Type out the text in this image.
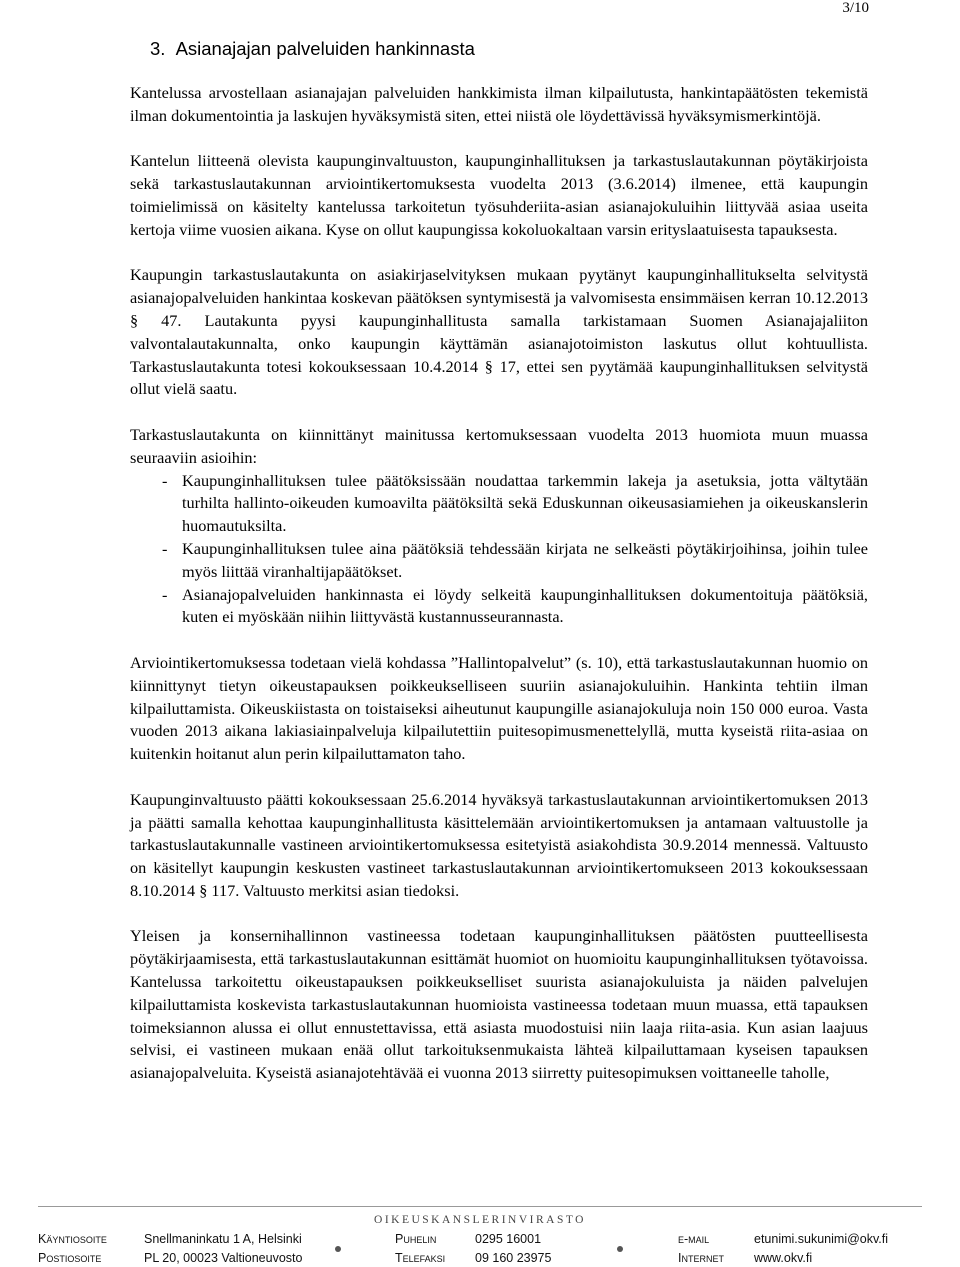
3/10
3. Asianajajan palveluiden hankinnasta

Kantelussa arvostellaan asianajajan palveluiden hankkimista ilman kilpailutusta, hankintapäätösten tekemistä ilman dokumentointia ja laskujen hyväksymistä siten, ettei niistä ole löydettävissä hyväksymismerkintöjä.

Kantelun liitteenä olevista kaupunginvaltuuston, kaupunginhallituksen ja tarkastuslautakunnan pöytäkirjoista sekä tarkastuslautakunnan arviointikertomuksesta vuodelta 2013 (3.6.2014) ilmenee, että kaupungin toimielimissä on käsitelty kantelussa tarkoitetun työsuhderiita-asian asianajokuluihin liittyvää asiaa useita kertoja viime vuosien aikana. Kyse on ollut kaupungissa kokoluokaltaan varsin erityslaatuisesta tapauksesta.

Kaupungin tarkastuslautakunta on asiakirjaselvityksen mukaan pyytänyt kaupunginhallitukselta selvitystä asianajopalveluiden hankintaa koskevan päätöksen syntymisestä ja valvomisesta ensimmäisen kerran 10.12.2013 § 47. Lautakunta pyysi kaupunginhallitusta samalla tarkistamaan Suomen Asianajajaliiton valvontalautakunnalta, onko kaupungin käyttämän asianajotoimiston laskutus ollut kohtuullista. Tarkastuslautakunta totesi kokouksessaan 10.4.2014 § 17, ettei sen pyytämää kaupunginhallituksen selvitystä ollut vielä saatu.

Tarkastuslautakunta on kiinnittänyt mainitussa kertomuksessaan vuodelta 2013 huomiota muun muassa seuraaviin asioihin:

- Kaupunginhallituksen tulee päätöksissään noudattaa tarkemmin lakeja ja asetuksia, jotta vältytään turhilta hallinto-oikeuden kumoavilta päätöksiltä sekä Eduskunnan oikeusasiamiehen ja oikeuskanslerin huomautuksilta.
- Kaupunginhallituksen tulee aina päätöksiä tehdessään kirjata ne selkeästi pöytäkirjoihinsa, joihin tulee myös liittää viranhaltijapäätökset.
- Asianajopalveluiden hankinnasta ei löydy selkeitä kaupunginhallituksen dokumentoituja päätöksiä, kuten ei myöskään niihin liittyvästä kustannusseurannasta.

Arviointikertomuksessa todetaan vielä kohdassa ”Hallintopalvelut” (s. 10), että tarkastuslautakunnan huomio on kiinnittynyt tietyn oikeustapauksen poikkeukselliseen suuriin asianajokuluihin. Hankinta tehtiin ilman kilpailuttamista. Oikeuskiistasta on toistaiseksi aiheutunut kaupungille asianajokuluja noin 150 000 euroa. Vasta vuoden 2013 aikana lakiasiainpalveluja kilpailutettiin puitesopimusmenettelyllä, mutta kyseistä riita-asiaa on kuitenkin hoitanut alun perin kilpailuttamaton taho.

Kaupunginvaltuusto päätti kokouksessaan 25.6.2014 hyväksyä tarkastuslautakunnan arviointikertomuksen 2013 ja päätti samalla kehottaa kaupunginhallitusta käsittelemään arviointikertomuksen ja antamaan valtuustolle ja tarkastuslautakunnalle vastineen arviointikertomuksessa esitetyistä asiakohdista 30.9.2014 mennessä. Valtuusto on käsitellyt kaupungin keskusten vastineet tarkastuslautakunnan arviointikertomukseen 2013 kokouksessaan 8.10.2014 § 117. Valtuusto merkitsi asian tiedoksi.

Yleisen ja konsernihallinnon vastineessa todetaan kaupunginhallituksen päätösten puutteellisesta pöytäkirjaamisesta, että tarkastuslautakunnan esittämät huomiot on huomioitu kaupunginhallituksen työtavoissa. Kantelussa tarkoitettu oikeustapauksen poikkeukselliset suurista asianajokuluista ja näiden palvelujen kilpailuttamista koskevista tarkastuslautakunnan huomioista vastineessa todetaan muun muassa, että tapauksen toimeksiannon alussa ei ollut ennustettavissa, että asiasta muodostuisi niin laaja riita-asia. Kun asian laajuus selvisi, ei vastineen mukaan enää ollut tarkoituksenmukaista lähteä kilpailuttamaan kyseisen tapauksen asianajopalveluita. Kyseistä asianajotehtävää ei vuonna 2013 siirretty puitesopimuksen voittaneelle taholle,

OIKEUSKANSLERINVIRASTO
Käyntiosoite	Snellmaninkatu 1 A, Helsinki	Puhelin	0295 16001	e-mail	etunimi.sukunimi@okv.fi
Postiosoite	PL 20, 00023 Valtioneuvosto	Telefaksi 09 160 23975	Internet www.okv.fi
